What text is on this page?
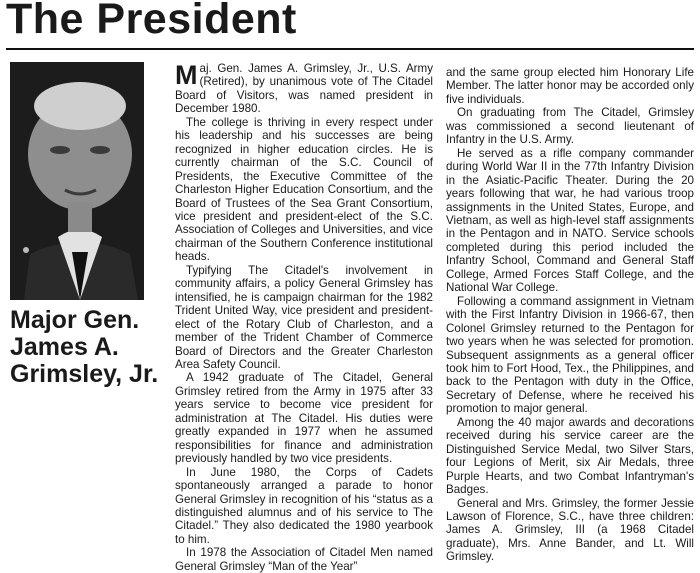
The President
Major Gen.
James A.
Grimsley, Jr.

Maj. Gen. James A. Grimsley, Jr., U.S. Army (Retired), by unanimous vote of The Citadel Board of Visitors, was named president in December 1980.

The college is thriving in every respect under his leadership and his successes are being recognized in higher education circles. He is currently chairman of the S.C. Council of Presidents, the Executive Committee of the Charleston Higher Education Consortium, and the Board of Trustees of the Sea Grant Consortium, vice president and president-elect of the S.C. Association of Colleges and Universities, and vice chairman of the Southern Conference institutional heads.

Typifying The Citadel's involvement in community affairs, a policy General Grimsley has intensified, he is campaign chairman for the 1982 Trident United Way, vice president and president-elect of the Rotary Club of Charleston, and a member of the Trident Chamber of Commerce Board of Directors and the Greater Charleston Area Safety Council.

A 1942 graduate of The Citadel, General Grimsley retired from the Army in 1975 after 33 years service to become vice president for administration at The Citadel. His duties were greatly expanded in 1977 when he assumed responsibilities for finance and administration previously handled by two vice presidents.

In June 1980, the Corps of Cadets spontaneously arranged a parade to honor General Grimsley in recognition of his “status as a distinguished alumnus and of his service to The Citadel.” They also dedicated the 1980 yearbook to him.

In 1978 the Association of Citadel Men named General Grimsley “Man of the Year”

and the same group elected him Honorary Life Member. The latter honor may be accorded only five individuals.

On graduating from The Citadel, Grimsley was commissioned a second lieutenant of Infantry in the U.S. Army.

He served as a rifle company commander during World War II in the 77th Infantry Division in the Asiatic-Pacific Theater. During the 20 years following that war, he had various troop assignments in the United States, Europe, and Vietnam, as well as high-level staff assignments in the Pentagon and in NATO. Service schools completed during this period included the Infantry School, Command and General Staff College, Armed Forces Staff College, and the National War College.

Following a command assignment in Vietnam with the First Infantry Division in 1966-67, then Colonel Grimsley returned to the Pentagon for two years when he was selected for promotion. Subsequent assignments as a general officer took him to Fort Hood, Tex., the Philippines, and back to the Pentagon with duty in the Office, Secretary of Defense, where he received his promotion to major general.

Among the 40 major awards and decorations received during his service career are the Distinguished Service Medal, two Silver Stars, four Legions of Merit, six Air Medals, three Purple Hearts, and two Combat Infantryman's Badges.

General and Mrs. Grimsley, the former Jessie Lawson of Florence, S.C., have three children: James A. Grimsley, III (a 1968 Citadel graduate), Mrs. Anne Bander, and Lt. Will Grimsley.
